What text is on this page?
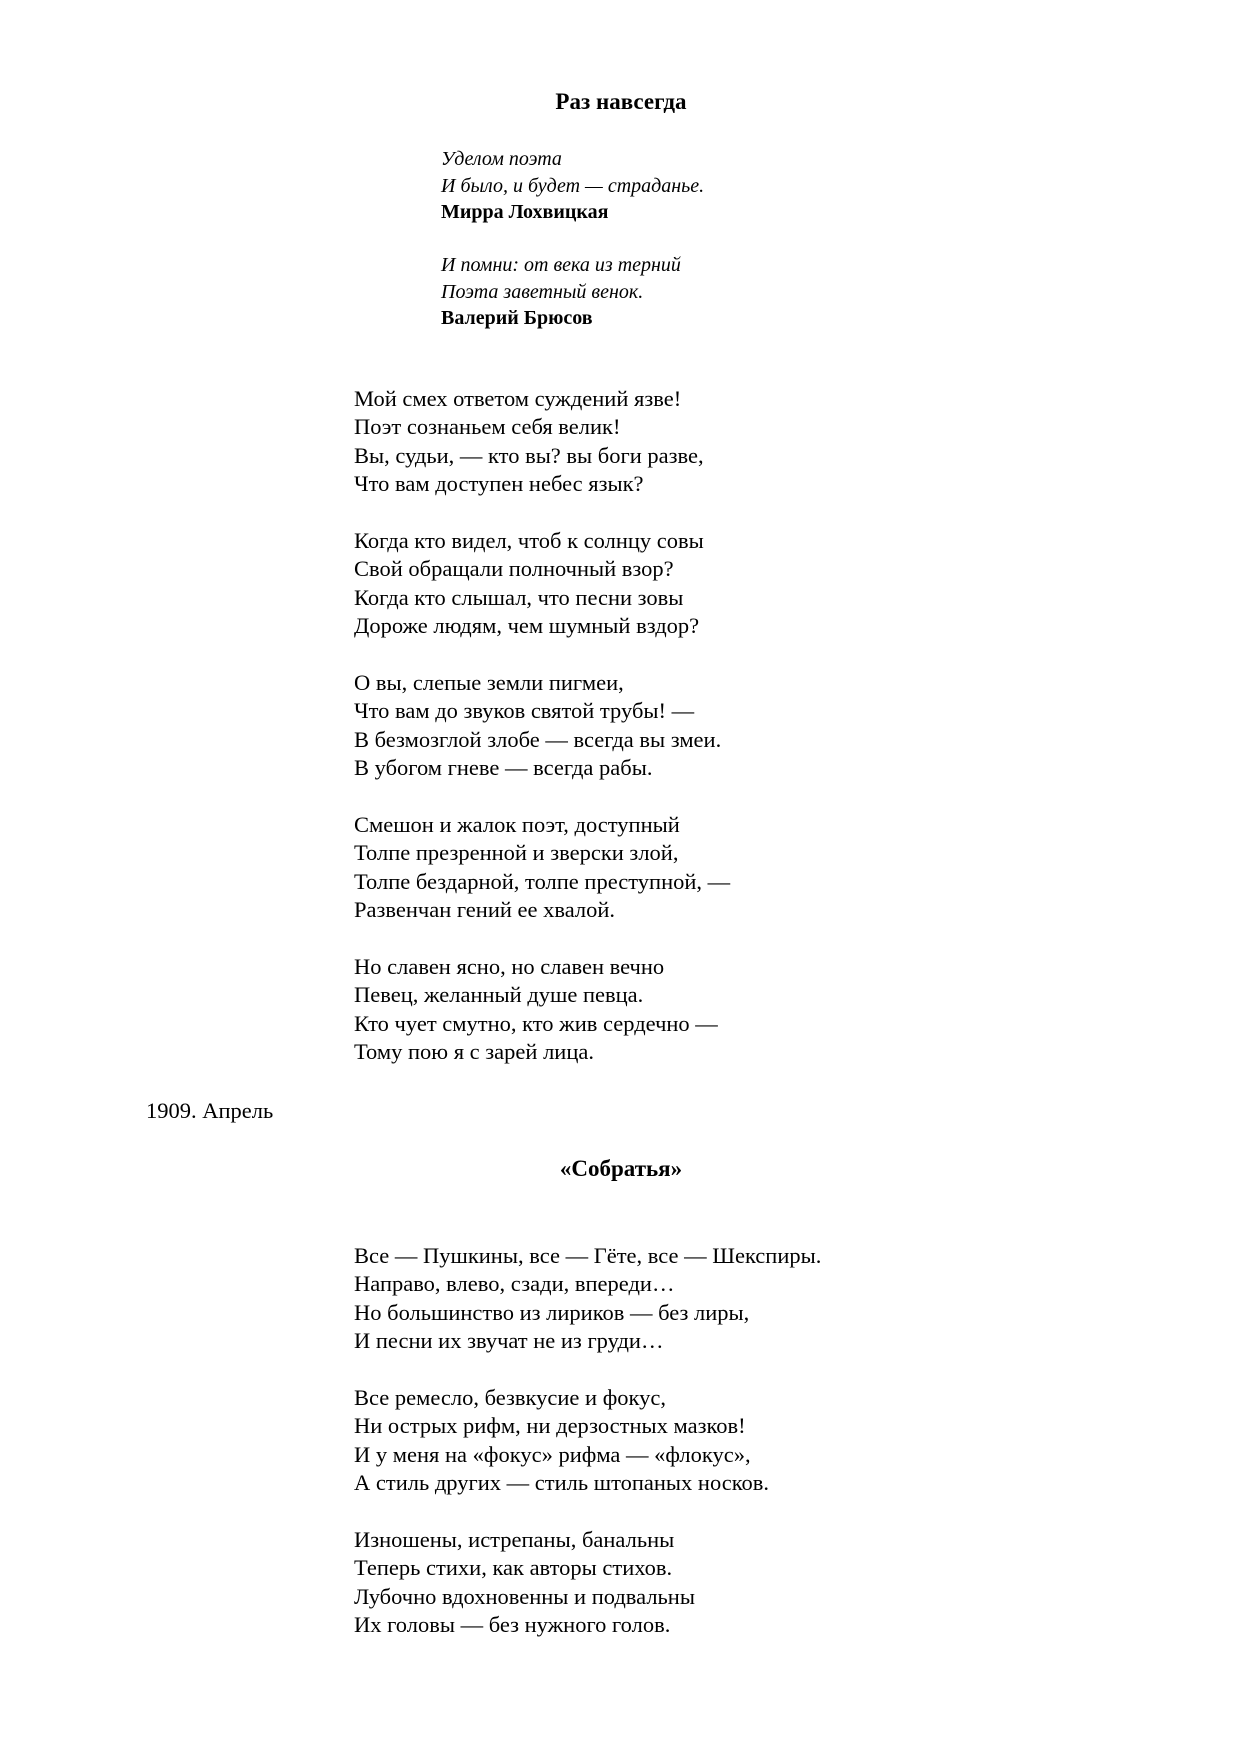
Раз навсегда
Уделом поэта
И было, и будет — страданье.
Мирра Лохвицкая
И помни: от века из терний
Поэта заветный венок.
Валерий Брюсов
Мой смех ответом суждений язве!
Поэт сознаньем себя велик!
Вы, судьи, — кто вы? вы боги разве,
Что вам доступен небес язык?
Когда кто видел, чтоб к солнцу совы
Свой обращали полночный взор?
Когда кто слышал, что песни зовы
Дороже людям, чем шумный вздор?
О вы, слепые земли пигмеи,
Что вам до звуков святой трубы! —
В безмозглой злобе — всегда вы змеи.
В убогом гневе — всегда рабы.
Смешон и жалок поэт, доступный
Толпе презренной и зверски злой,
Толпе бездарной, толпе преступной, —
Развенчан гений ее хвалой.
Но славен ясно, но славен вечно
Певец, желанный душе певца.
Кто чует смутно, кто жив сердечно —
Тому пою я с зарей лица.
1909. Апрель
«Собратья»
Все — Пушкины, все — Гёте, все — Шекспиры.
Направо, влево, сзади, впереди…
Но большинство из лириков — без лиры,
И песни их звучат не из груди…
Все ремесло, безвкусие и фокус,
Ни острых рифм, ни дерзостных мазков!
И у меня на «фокус» рифма — «флокус»,
А стиль других — стиль штопаных носков.
Изношены, истрепаны, банальны
Теперь стихи, как авторы стихов.
Лубочно вдохновенны и подвальны
Их головы — без нужного голов.
